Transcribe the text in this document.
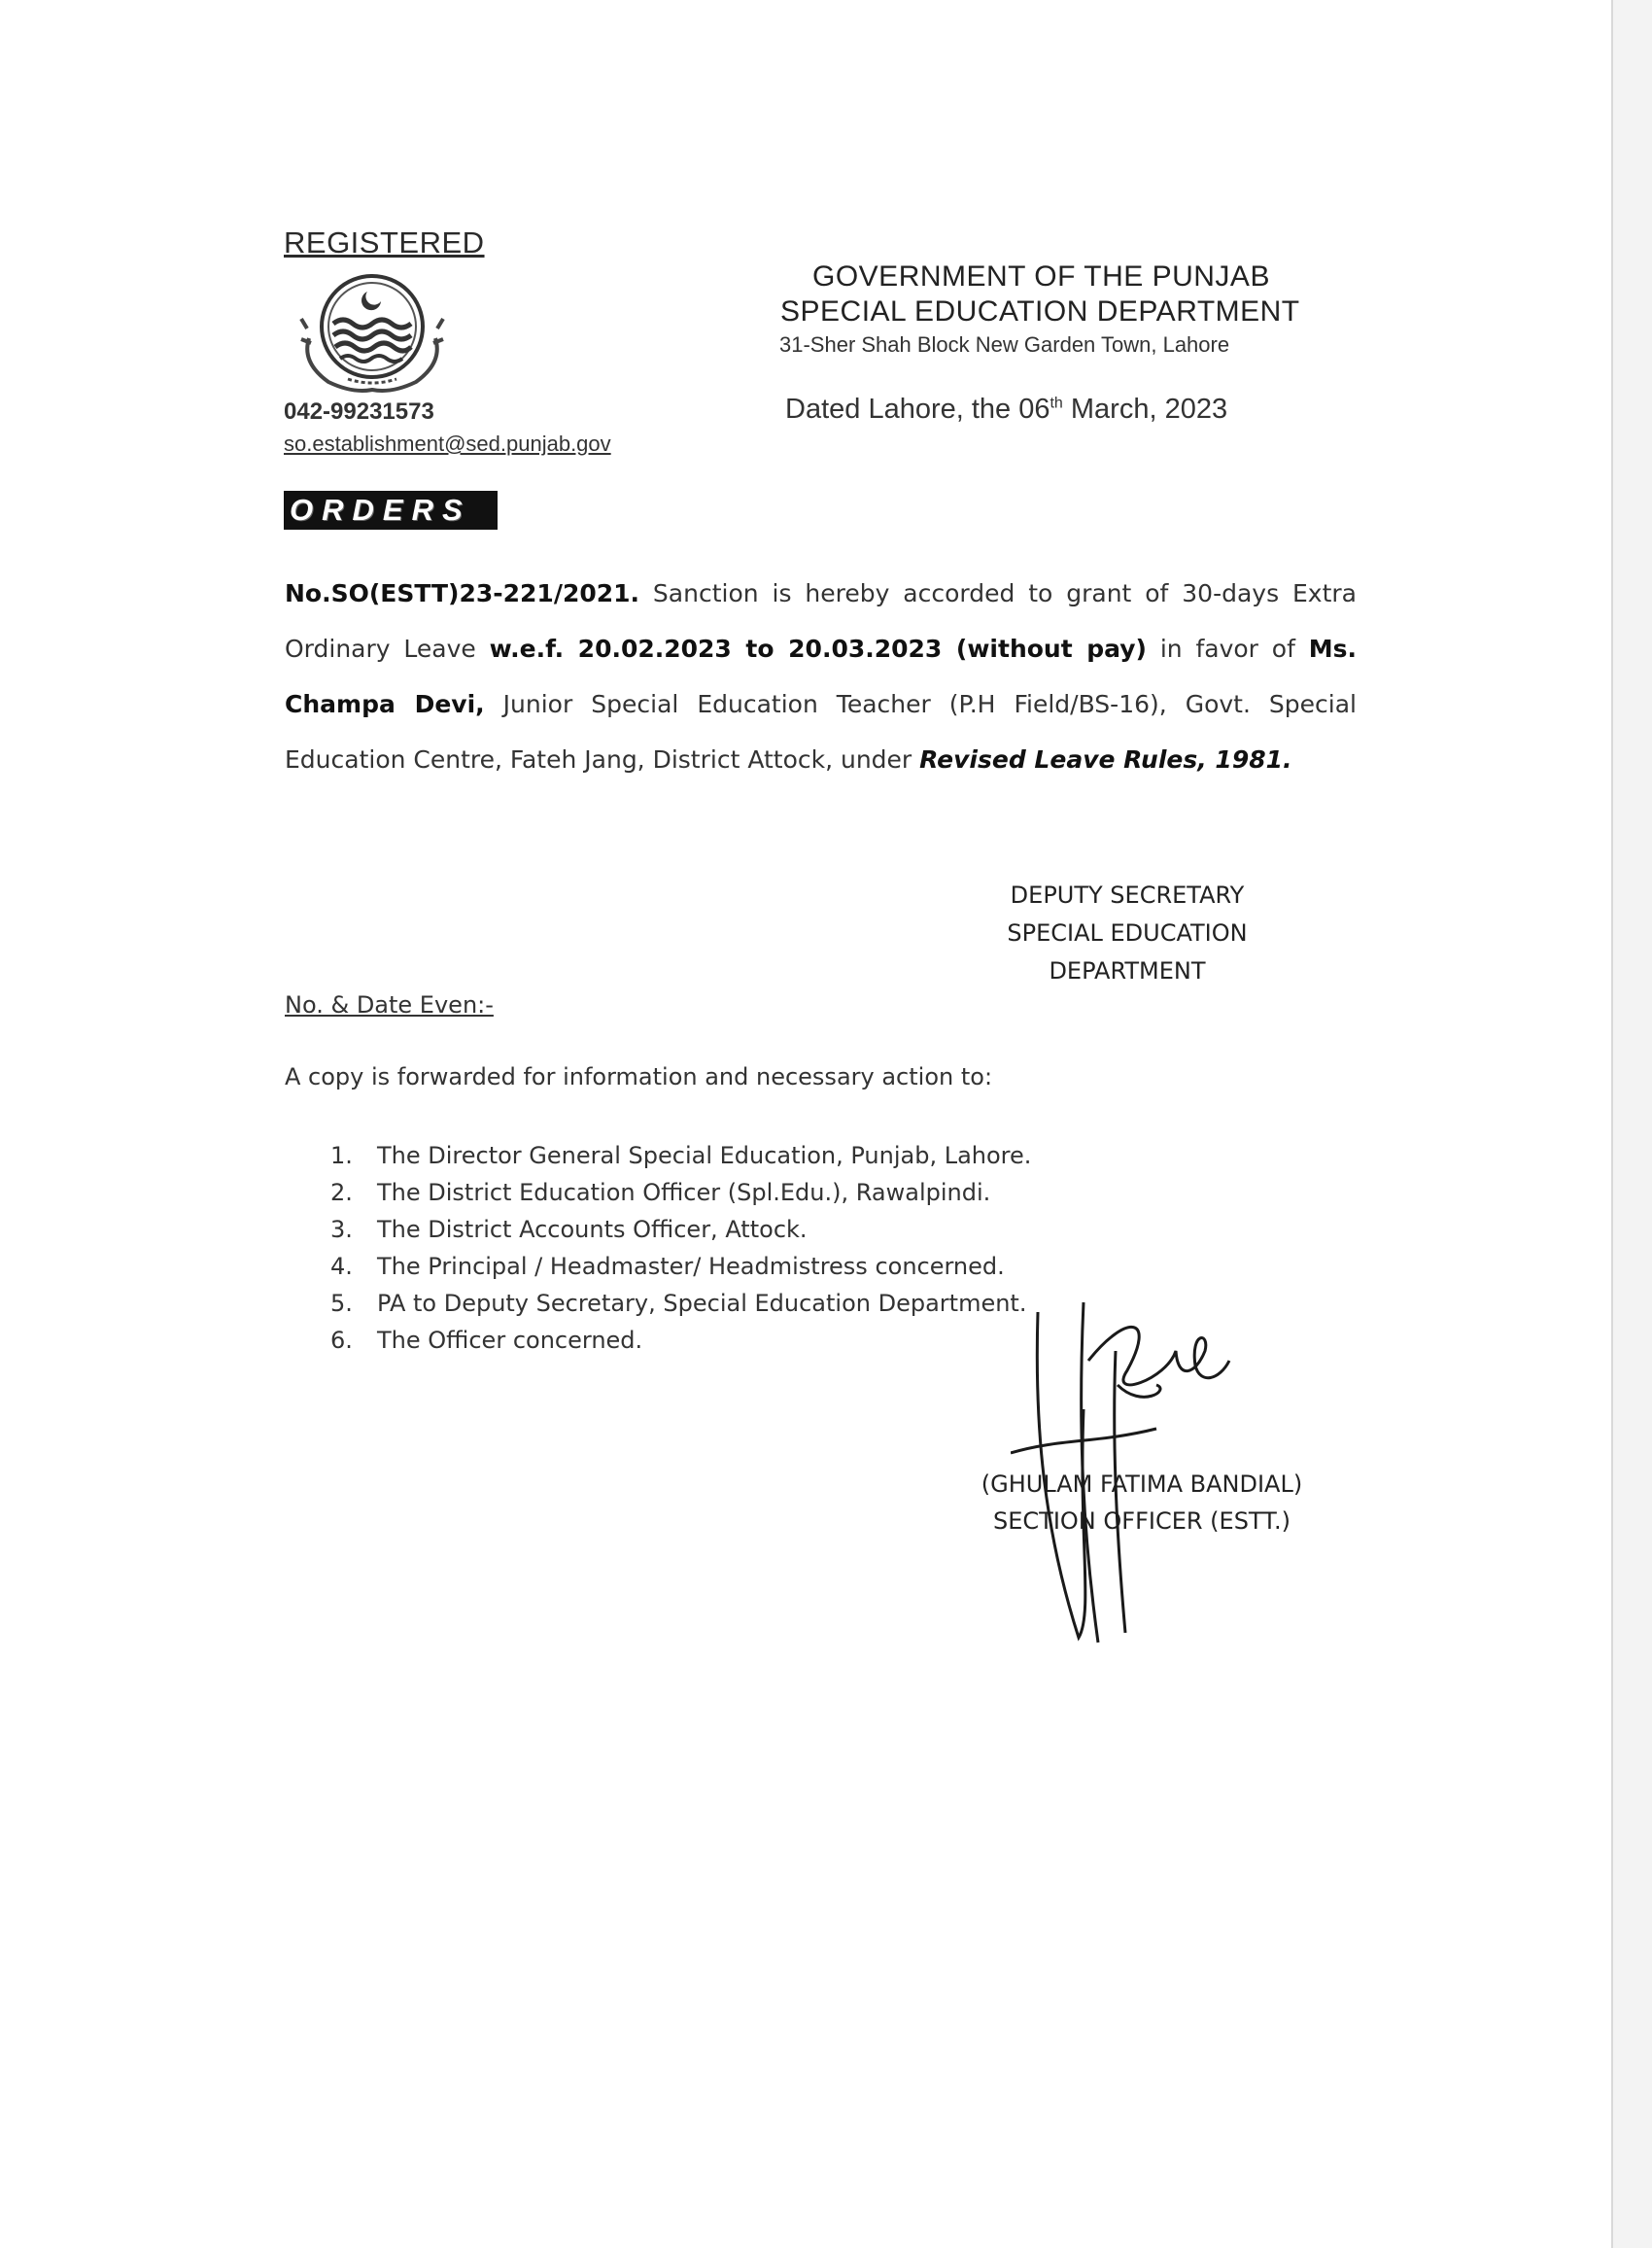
REGISTERED
042-99231573
so.establishment@sed.punjab.gov
GOVERNMENT OF THE PUNJAB
SPECIAL EDUCATION DEPARTMENT
31-Sher Shah Block New Garden Town, Lahore
Dated Lahore, the 06th March, 2023
ORDERS
No.SO(ESTT)23-221/2021. Sanction is hereby accorded to grant of 30-days Extra Ordinary Leave w.e.f. 20.02.2023 to 20.03.2023 (without pay) in favor of Ms. Champa Devi, Junior Special Education Teacher (P.H Field/BS-16), Govt. Special Education Centre, Fateh Jang, District Attock, under Revised Leave Rules, 1981.
DEPUTY SECRETARY
SPECIAL EDUCATION
DEPARTMENT
No. & Date Even:-
A copy is forwarded for information and necessary action to:
1. The Director General Special Education, Punjab, Lahore.
2. The District Education Officer (Spl.Edu.), Rawalpindi.
3. The District Accounts Officer, Attock.
4. The Principal / Headmaster/ Headmistress concerned.
5. PA to Deputy Secretary, Special Education Department.
6. The Officer concerned.
(GHULAM FATIMA BANDIAL)
SECTION OFFICER (ESTT.)
